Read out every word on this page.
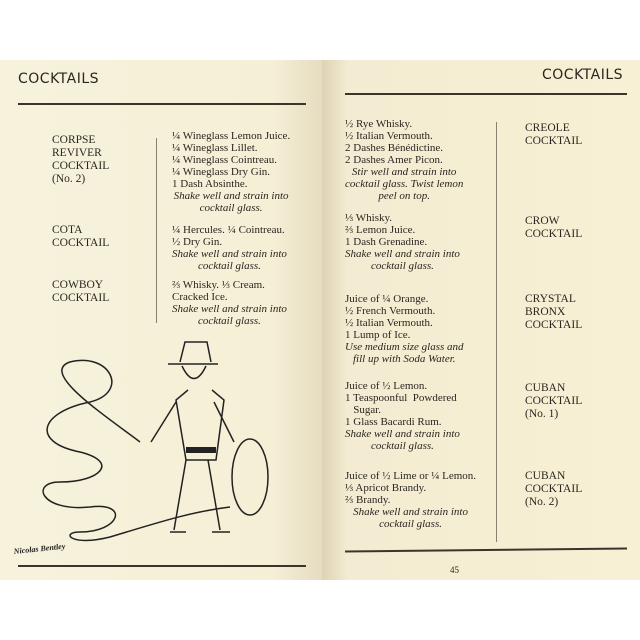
COCKTAILS
CORPSE
REVIVER
COCKTAIL
(No. 2)
¼ Wineglass Lemon Juice.
¼ Wineglass Lillet.
¼ Wineglass Cointreau.
¼ Wineglass Dry Gin.
1 Dash Absinthe.
Shake well and strain into
cocktail glass.
COTA
COCKTAIL
¼ Hercules. ¼ Cointreau.
½ Dry Gin.
Shake well and strain into
cocktail glass.
COWBOY
COCKTAIL
⅔ Whisky. ⅓ Cream.
Cracked Ice.
Shake well and strain into
cocktail glass.
Nicolas Bentley
COCKTAILS
½ Rye Whisky.
½ Italian Vermouth.
2 Dashes Bénédictine.
2 Dashes Amer Picon.
Stir well and strain into
cocktail glass. Twist lemon
peel on top.
CREOLE
COCKTAIL
⅓ Whisky.
⅔ Lemon Juice.
1 Dash Grenadine.
Shake well and strain into
cocktail glass.
CROW
COCKTAIL
Juice of ¼ Orange.
½ French Vermouth.
½ Italian Vermouth.
1 Lump of Ice.
Use medium size glass and
fill up with Soda Water.
CRYSTAL
BRONX
COCKTAIL
Juice of ½ Lemon.
1 Teaspoonful  Powdered
Sugar.
1 Glass Bacardi Rum.
Shake well and strain into
cocktail glass.
CUBAN
COCKTAIL
(No. 1)
Juice of ½ Lime or ¼ Lemon.
⅓ Apricot Brandy.
⅔ Brandy.
Shake well and strain into
cocktail glass.
CUBAN
COCKTAIL
(No. 2)
45
